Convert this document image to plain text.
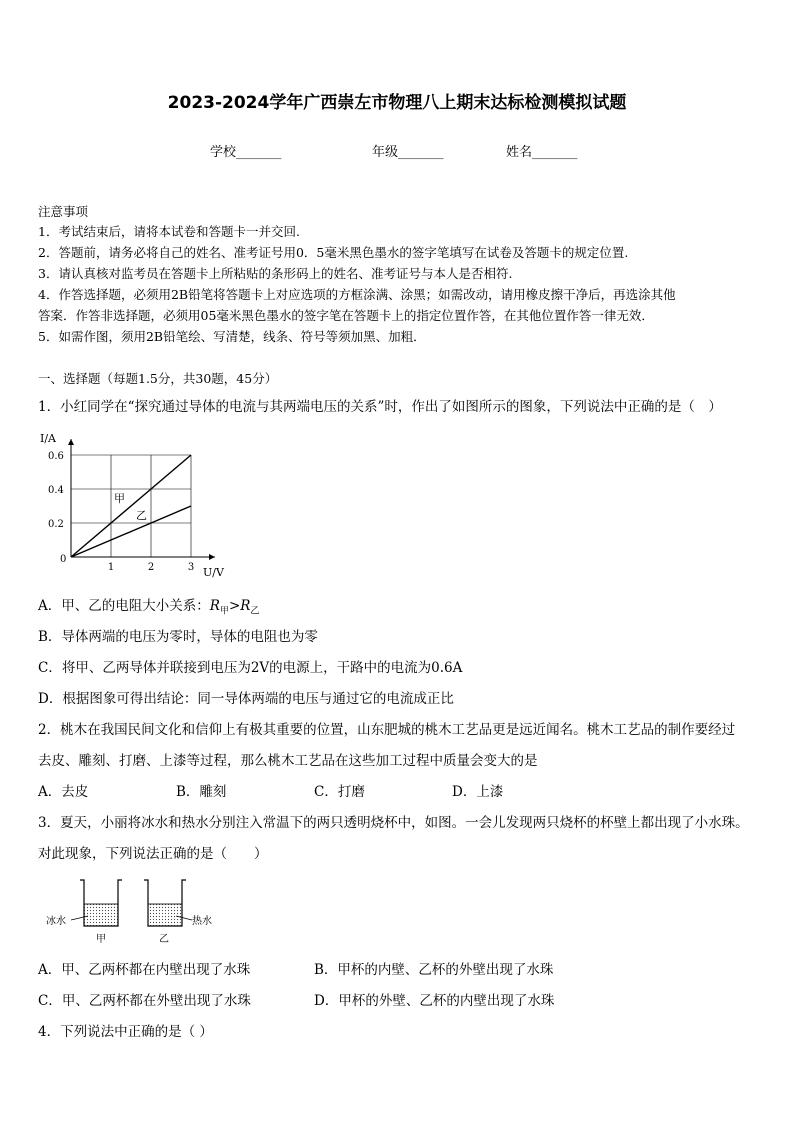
2023-2024学年广西崇左市物理八上期末达标检测模拟试题
学校_______	年级_______	姓名_______
注意事项
1．考试结束后，请将本试卷和答题卡一并交回.
2．答题前，请务必将自己的姓名、准考证号用0．5毫米黑色墨水的签字笔填写在试卷及答题卡的规定位置.
3．请认真核对监考员在答题卡上所粘贴的条形码上的姓名、准考证号与本人是否相符.
4．作答选择题，必须用2B铅笔将答题卡上对应选项的方框涂满、涂黑；如需改动，请用橡皮擦干净后，再选涂其他
答案．作答非选择题，必须用05毫米黑色墨水的签字笔在答题卡上的指定位置作答，在其他位置作答一律无效．
5．如需作图，须用2B铅笔绘、写清楚，线条、符号等须加黑、加粗．
一、选择题（每题1.5分，共30题，45分）
1．小红同学在“探究通过导体的电流与其两端电压的关系”时，作出了如图所示的图象，下列说法中正确的是（　）
I/A
U/V
0
0.2
0.4
0.6
1	2	3
甲
乙
A．甲、乙的电阻大小关系：$R_甲>R_乙$
B．导体两端的电压为零时，导体的电阻也为零
C．将甲、乙两导体并联接到电压为2V的电源上，干路中的电流为0.6A
D．根据图象可得出结论：同一导体两端的电压与通过它的电流成正比
2．桃木在我国民间文化和信仰上有极其重要的位置，山东肥城的桃木工艺品更是远近闻名。桃木工艺品的制作要经过
去皮、雕刻、打磨、上漆等过程，那么桃木工艺品在这些加工过程中质量会变大的是
A．去皮	B．雕刻	C．打磨	D．上漆
3．夏天，小丽将冰水和热水分别注入常温下的两只透明烧杯中，如图。一会儿发现两只烧杯的杯壁上都出现了小水珠。
对此现象，下列说法正确的是（　　）
冰水	热水
甲	乙
A．甲、乙两杯都在内壁出现了水珠	B．甲杯的内壁、乙杯的外壁出现了水珠
C．甲、乙两杯都在外壁出现了水珠	D．甲杯的外壁、乙杯的内壁出现了水珠
4．下列说法中正确的是（ ）
